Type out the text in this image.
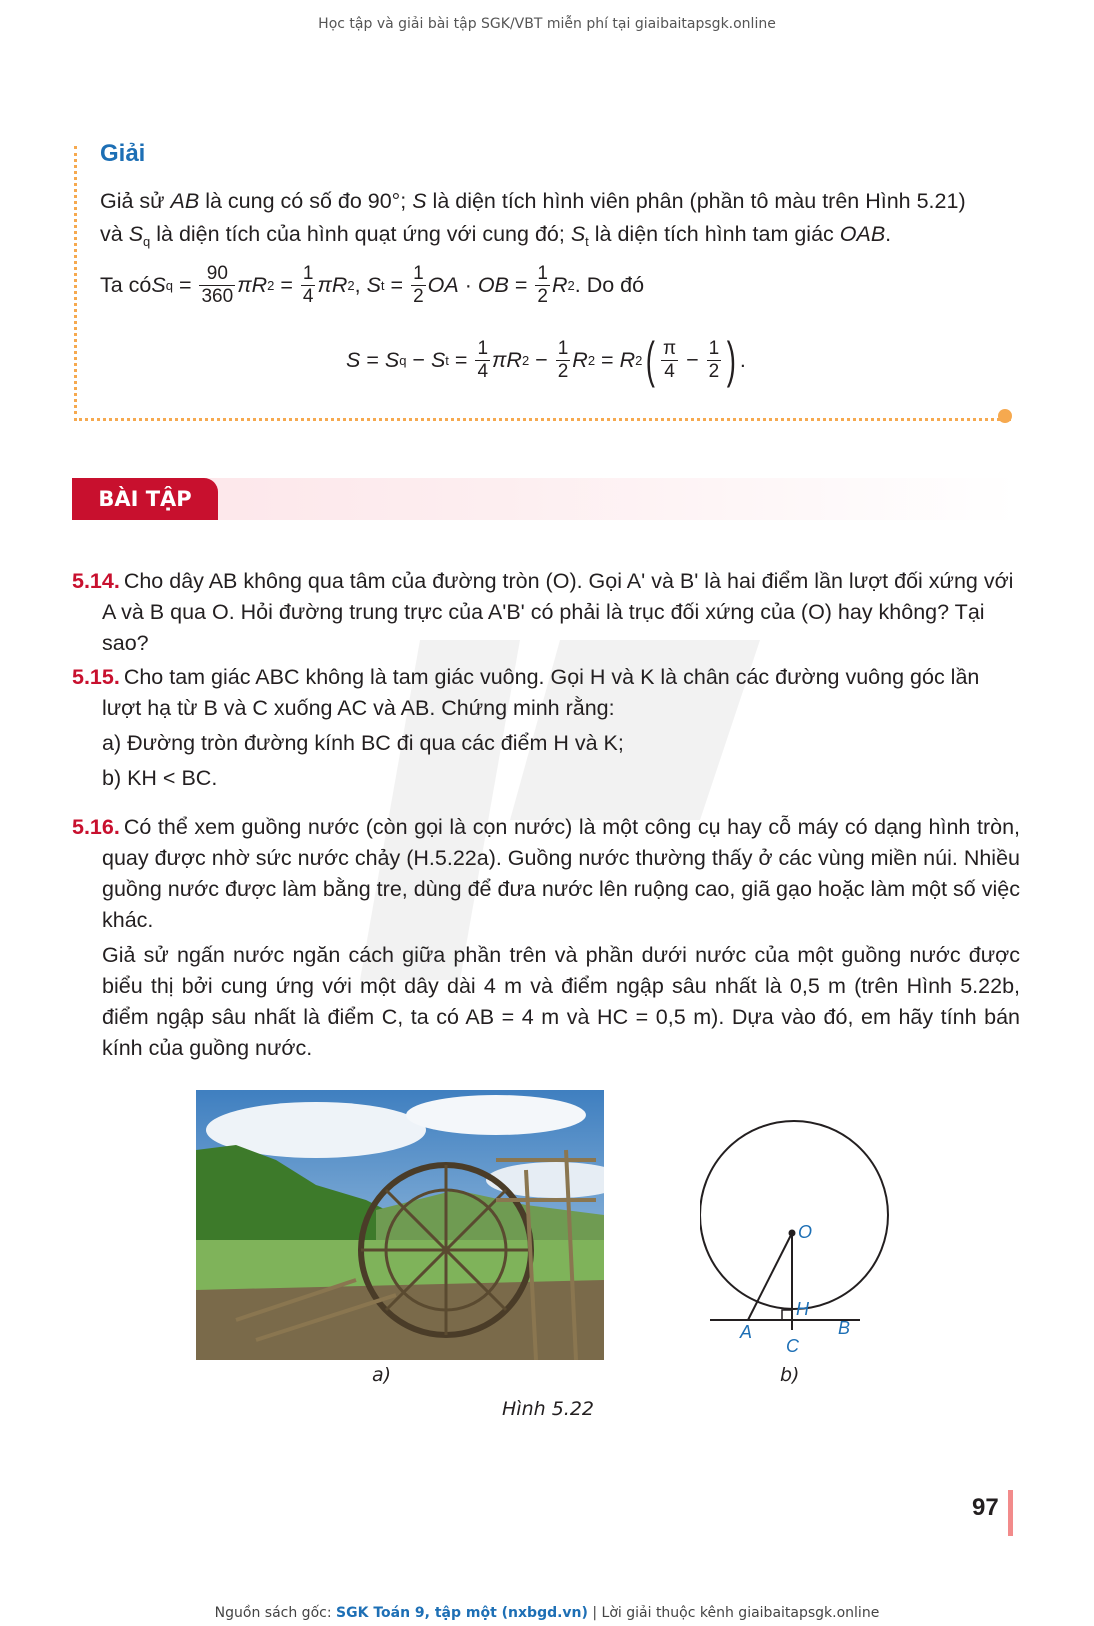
Học tập và giải bài tập SGK/VBT miễn phí tại giaibaitapsgk.online
Giải
Giả sử AB là cung có số đo 90°; S là diện tích hình viên phân (phần tô màu trên Hình 5.21)
và $S_q$ là diện tích của hình quạt ứng với cung đó; $S_t$ là diện tích hình tam giác OAB.
Ta có S $q = \frac{90}{360}$ πR $2 = \frac{1}{4}$ πR 2 , S $t = \frac{1}{2}$ OA · OB = $\frac{1}{2}$ R 2 . Do đó
S = S q − S $t = \frac{1}{4}$ πR $2 - \frac{1}{2}$ R 2 = R 2 ( $\frac{\pi}{4} - \frac{1}{2}$ ) .
BÀI TẬP
5.14. Cho dây AB không qua tâm của đường tròn (O). Gọi A' và B' là hai điểm lần lượt đối xứng với A và B qua O. Hỏi đường trung trực của A'B' có phải là trục đối xứng của (O) hay không? Tại sao?
5.15. Cho tam giác ABC không là tam giác vuông. Gọi H và K là chân các đường vuông góc lần lượt hạ từ B và C xuống AC và AB. Chứng minh rằng:
a) Đường tròn đường kính BC đi qua các điểm H và K;
b) KH < BC.
5.16. Có thể xem guồng nước (còn gọi là cọn nước) là một công cụ hay cỗ máy có dạng hình tròn, quay được nhờ sức nước chảy (H.5.22a). Guồng nước thường thấy ở các vùng miền núi. Nhiều guồng nước được làm bằng tre, dùng để đưa nước lên ruộng cao, giã gạo hoặc làm một số việc khác.
Giả sử ngấn nước ngăn cách giữa phần trên và phần dưới nước của một guồng nước được biểu thị bởi cung ứng với một dây dài 4 m và điểm ngập sâu nhất là 0,5 m (trên Hình 5.22b, điểm ngập sâu nhất là điểm C, ta có AB = 4 m và HC = 0,5 m). Dựa vào đó, em hãy tính bán kính của guồng nước.
a)
O
H
A	B
C
b)
Hình 5.22
97
Nguồn sách gốc: SGK Toán 9, tập một (nxbgd.vn) | Lời giải thuộc kênh giaibaitapsgk.online
